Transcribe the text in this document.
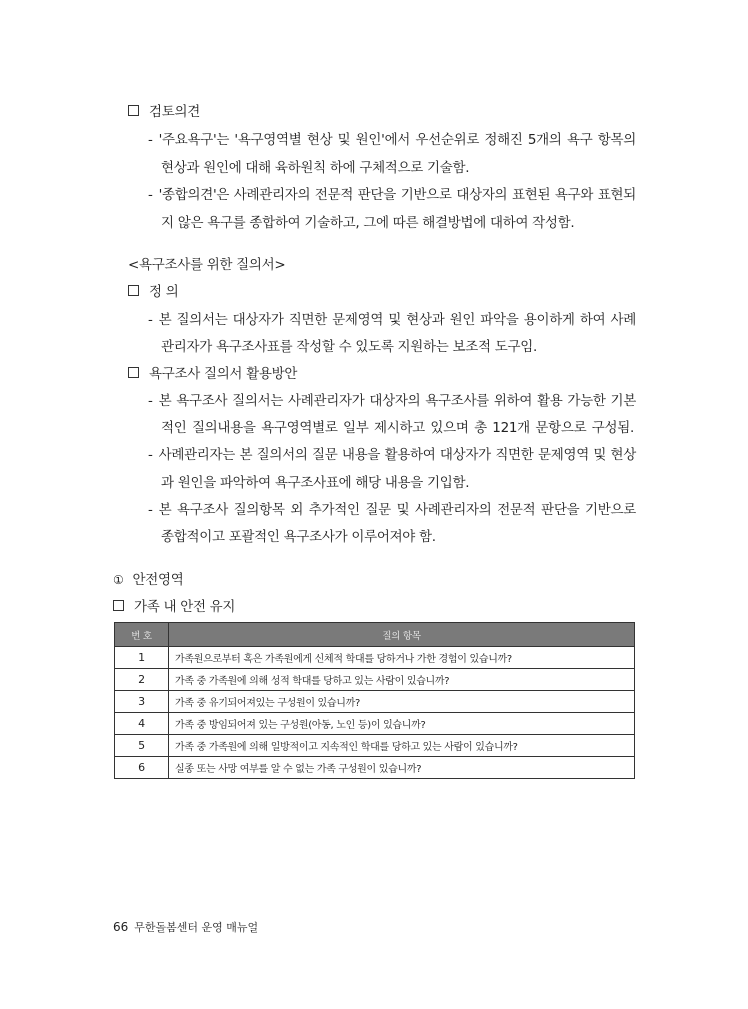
검토의견
- '주요욕구'는 '욕구영역별 현상 및 원인'에서 우선순위로 정해진 5개의 욕구 항목의
현상과 원인에 대해 육하원칙 하에 구체적으로 기술함.
- '종합의견'은 사례관리자의 전문적 판단을 기반으로 대상자의 표현된 욕구와 표현되
지 않은 욕구를 종합하여 기술하고, 그에 따른 해결방법에 대하여 작성함.
<욕구조사를 위한 질의서>
정 의
- 본 질의서는 대상자가 직면한 문제영역 및 현상과 원인 파악을 용이하게 하여 사례
관리자가 욕구조사표를 작성할 수 있도록 지원하는 보조적 도구임.
욕구조사 질의서 활용방안
- 본 욕구조사 질의서는 사례관리자가 대상자의 욕구조사를 위하여 활용 가능한 기본
적인 질의내용을 욕구영역별로 일부 제시하고 있으며 총 121개 문항으로 구성됨.
- 사례관리자는 본 질의서의 질문 내용을 활용하여 대상자가 직면한 문제영역 및 현상
과 원인을 파악하여 욕구조사표에 해당 내용을 기입함.
- 본 욕구조사 질의항목 외 추가적인 질문 및 사례관리자의 전문적 판단을 기반으로
종합적이고 포괄적인 욕구조사가 이루어져야 함.
① 안전영역
가족 내 안전 유지
번 호	질의 항목
1	가족원으로부터 혹은 가족원에게 신체적 학대를 당하거나 가한 경험이 있습니까?
2	가족 중 가족원에 의해 성적 학대를 당하고 있는 사람이 있습니까?
3	가족 중 유기되어져있는 구성원이 있습니까?
4	가족 중 방임되어져 있는 구성원(아동, 노인 등)이 있습니까?
5	가족 중 가족원에 의해 일방적이고 지속적인 학대를 당하고 있는 사람이 있습니까?
6	실종 또는 사망 여부를 알 수 없는 가족 구성원이 있습니까?
66 무한돌봄센터 운영 매뉴얼
